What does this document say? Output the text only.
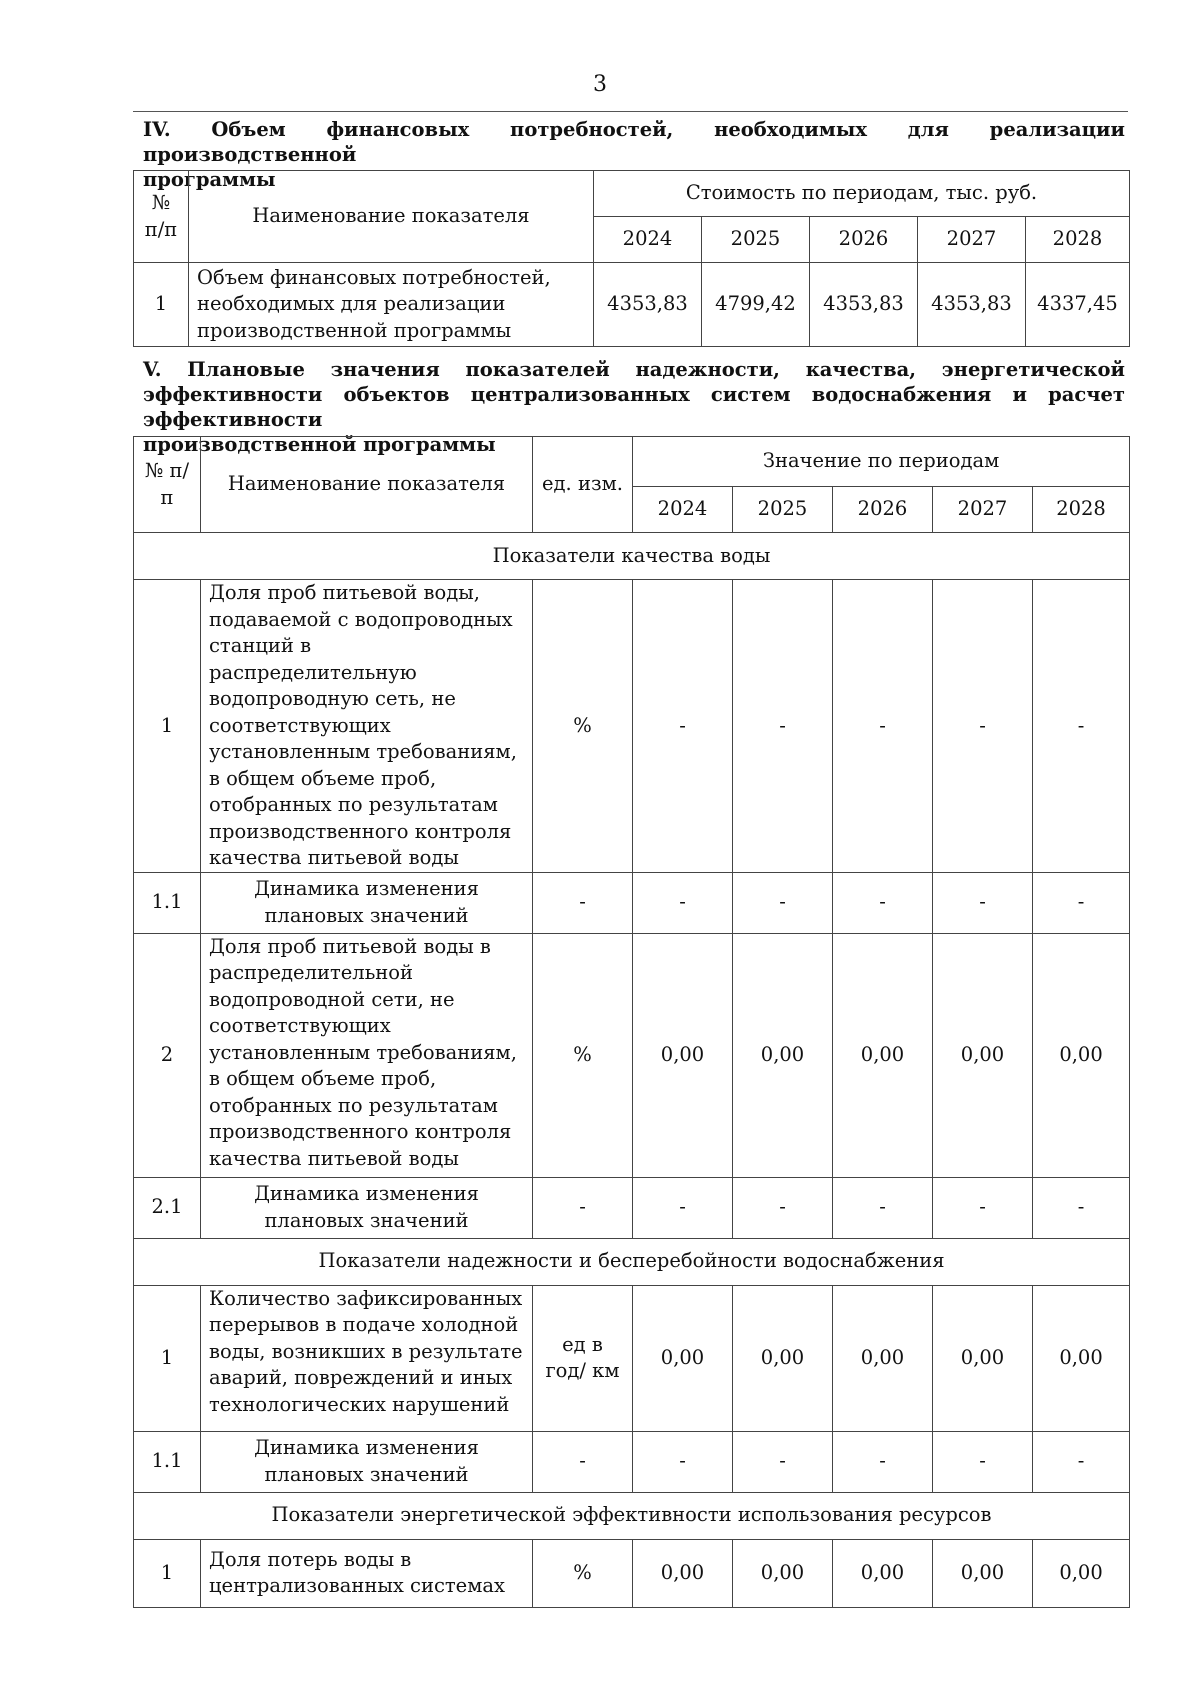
3

IV. Объем финансовых потребностей, необходимых для реализации производственной
программы

№ п/п	Наименование показателя	Стоимость по периодам, тыс. руб.				
		2024	2025	2026	2027	2028
1	Объем финансовых потребностей, необходимых для реализации производственной программы	4353,83	4799,42	4353,83	4353,83	4337,45

V. Плановые значения показателей надежности, качества, энергетической эффективности объектов централизованных систем водоснабжения и расчет эффективности
производственной программы

№ п/п	Наименование показателя	ед. изм.	Значение по периодам				
			2024	2025	2026	2027	2028
Показатели качества воды							
1	Доля проб питьевой воды, подаваемой с водопроводных станций в распределительную водопроводную сеть, не соответствующих установленным требованиям, в общем объеме проб, отобранных по результатам производственного контроля качества питьевой воды	%	-	-	-	-	-
1.1	Динамика изменения плановых значений	-	-	-	-	-	-
2	Доля проб питьевой воды в распределительной водопроводной сети, не соответствующих установленным требованиям, в общем объеме проб, отобранных по результатам производственного контроля качества питьевой воды	%	0,00	0,00	0,00	0,00	0,00
2.1	Динамика изменения плановых значений	-	-	-	-	-	-
Показатели надежности и бесперебойности водоснабжения							
1	Количество зафиксированных перерывов в подаче холодной воды, возникших в результате аварий, повреждений и иных технологических нарушений	ед в год/ км	0,00	0,00	0,00	0,00	0,00
1.1	Динамика изменения плановых значений	-	-	-	-	-	-
Показатели энергетической эффективности использования ресурсов							
1	Доля потерь воды в централизованных системах	%	0,00	0,00	0,00	0,00	0,00
